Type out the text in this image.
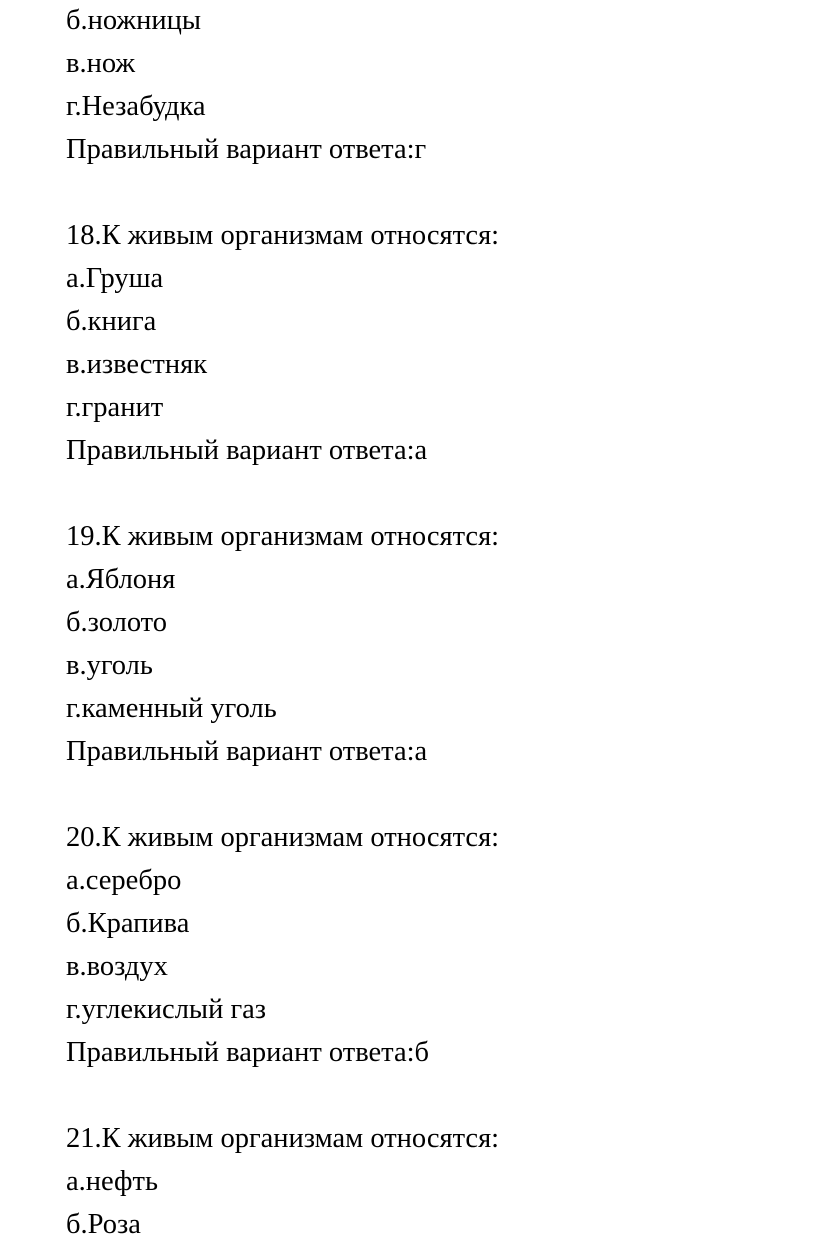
б.ножницы
в.нож
г.Незабудка
Правильный вариант ответа:г
18.К живым организмам относятся:
а.Груша
б.книга
в.известняк
г.гранит
Правильный вариант ответа:а
19.К живым организмам относятся:
а.Яблоня
б.золото
в.уголь
г.каменный уголь
Правильный вариант ответа:а
20.К живым организмам относятся:
а.серебро
б.Крапива
в.воздух
г.углекислый газ
Правильный вариант ответа:б
21.К живым организмам относятся:
а.нефть
б.Роза
